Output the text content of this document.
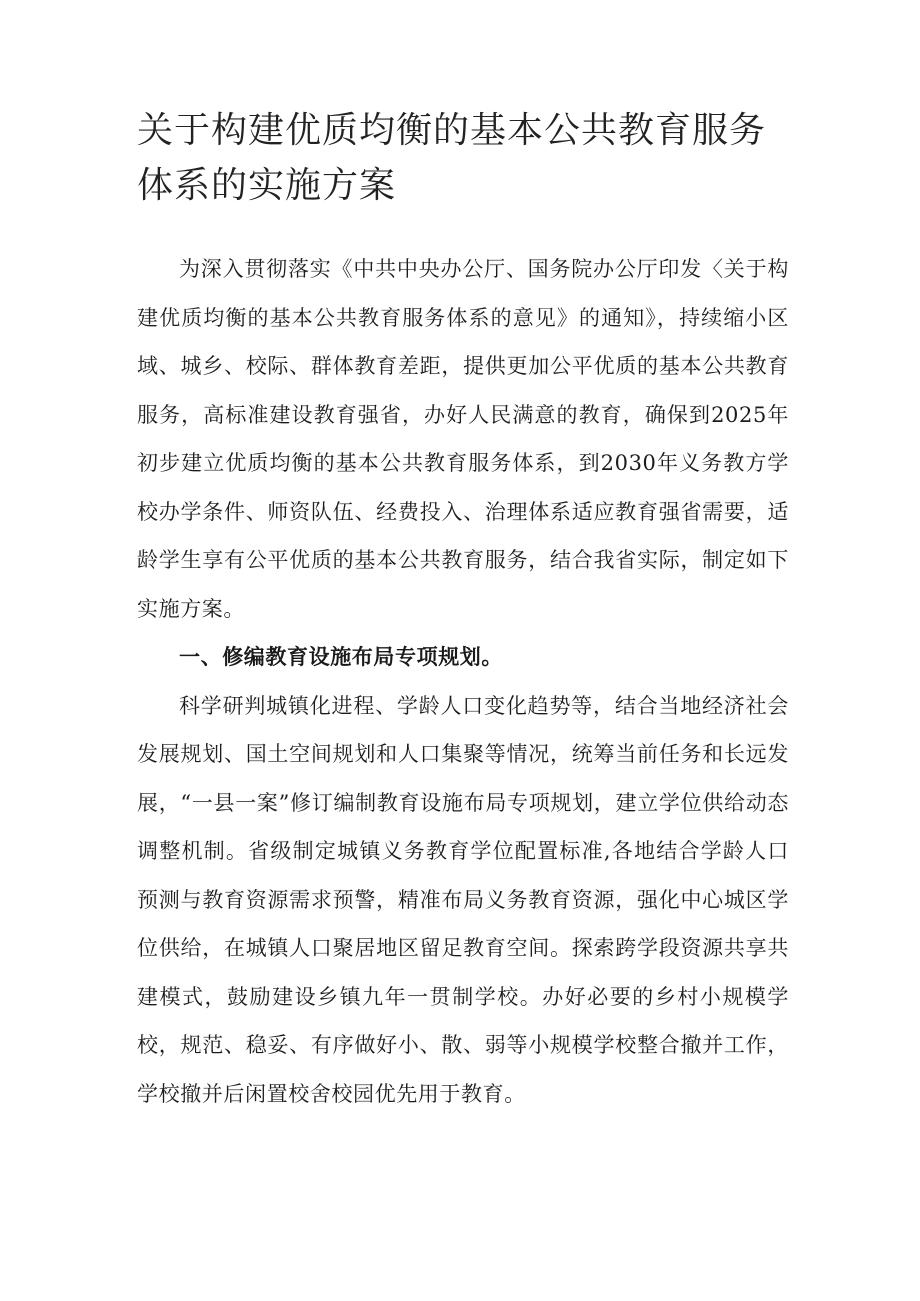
关于构建优质均衡的基本公共教育服务体系的实施方案

为深入贯彻落实《中共中央办公厅、国务院办公厅印发〈关于构建优质均衡的基本公共教育服务体系的意见》的通知》，持续缩小区域、城乡、校际、群体教育差距，提供更加公平优质的基本公共教育服务，高标准建设教育强省，办好人民满意的教育，确保到2025年初步建立优质均衡的基本公共教育服务体系，到2030年义务教方学校办学条件、师资队伍、经费投入、治理体系适应教育强省需要，适龄学生享有公平优质的基本公共教育服务，结合我省实际，制定如下实施方案。

一、修编教育设施布局专项规划。

科学研判城镇化进程、学龄人口变化趋势等，结合当地经济社会发展规划、国土空间规划和人口集聚等情况，统筹当前任务和长远发展，“一县一案”修订编制教育设施布局专项规划，建立学位供给动态调整机制。省级制定城镇义务教育学位配置标准,各地结合学龄人口预测与教育资源需求预警，精准布局义务教育资源，强化中心城区学位供给，在城镇人口聚居地区留足教育空间。探索跨学段资源共享共建模式，鼓励建设乡镇九年一贯制学校。办好必要的乡村小规模学校，规范、稳妥、有序做好小、散、弱等小规模学校整合撤并工作，学校撤并后闲置校舍校园优先用于教育。
